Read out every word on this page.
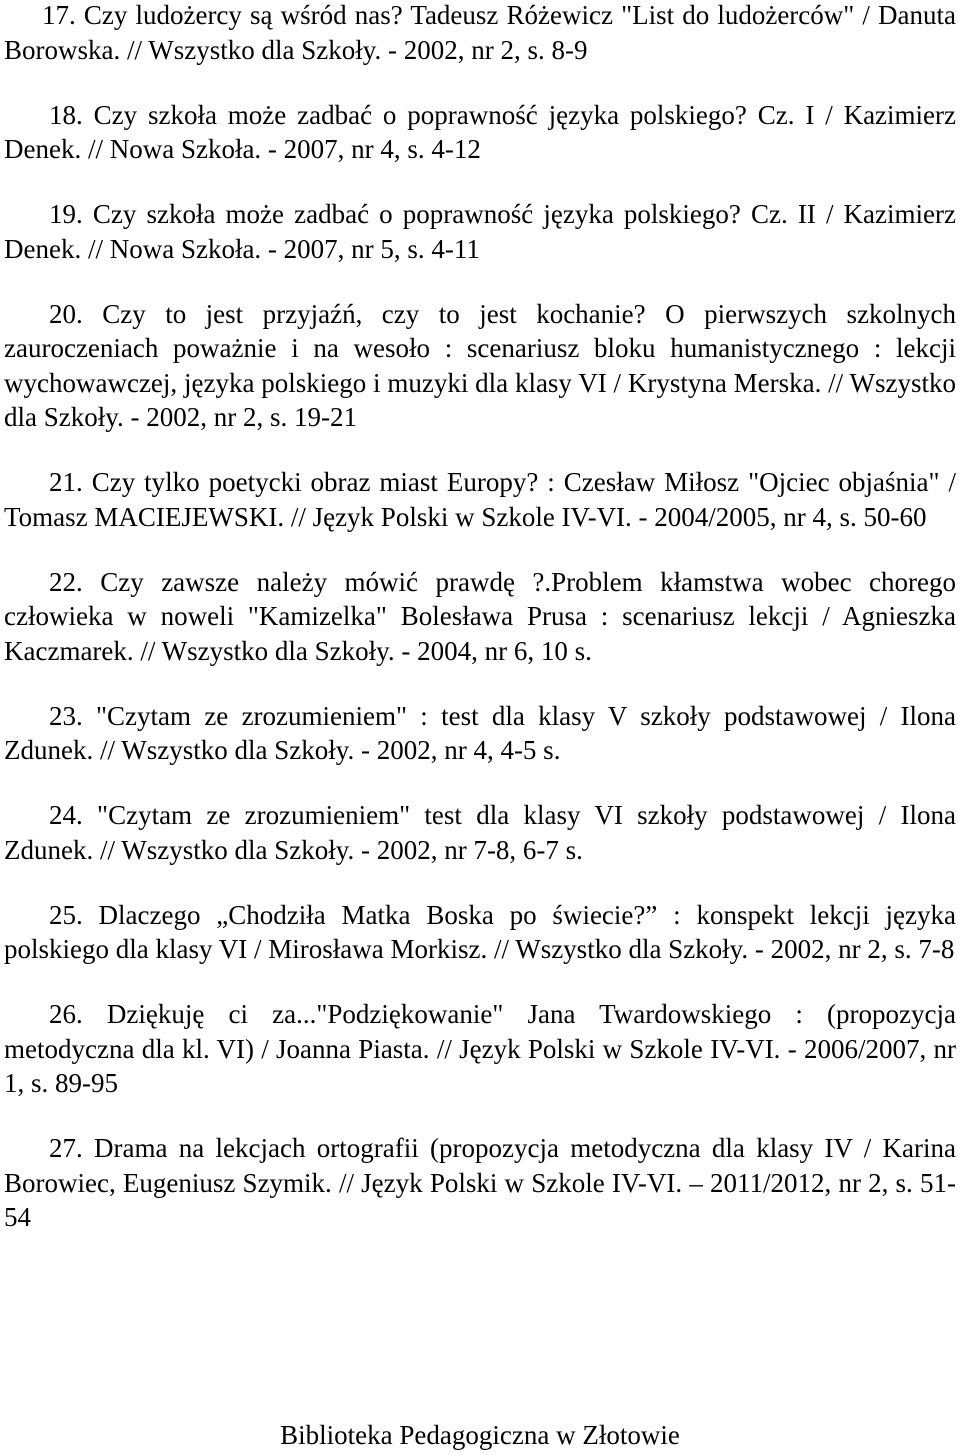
17. Czy ludożercy są wśród nas? Tadeusz Różewicz "List do ludożerców" / Danuta Borowska. // Wszystko dla Szkoły. - 2002, nr 2, s. 8-9

18. Czy szkoła może zadbać o poprawność języka polskiego? Cz. I / Kazimierz Denek. // Nowa Szkoła. - 2007, nr 4, s. 4-12

19. Czy szkoła może zadbać o poprawność języka polskiego? Cz. II / Kazimierz Denek. // Nowa Szkoła. - 2007, nr 5, s. 4-11

20. Czy to jest przyjaźń, czy to jest kochanie? O pierwszych szkolnych zauroczeniach poważnie i na wesoło : scenariusz bloku humanistycznego : lekcji wychowawczej, języka polskiego i muzyki dla klasy VI / Krystyna Merska. // Wszystko dla Szkoły. - 2002, nr 2, s. 19-21

21. Czy tylko poetycki obraz miast Europy? : Czesław Miłosz "Ojciec objaśnia" / Tomasz MACIEJEWSKI. // Język Polski w Szkole IV-VI. - 2004/2005, nr 4, s. 50-60

22. Czy zawsze należy mówić prawdę ?.Problem kłamstwa wobec chorego człowieka w noweli "Kamizelka" Bolesława Prusa : scenariusz lekcji / Agnieszka Kaczmarek. // Wszystko dla Szkoły. - 2004, nr 6, 10 s.

23. "Czytam ze zrozumieniem" : test dla klasy V szkoły podstawowej / Ilona Zdunek. // Wszystko dla Szkoły. - 2002, nr 4, 4-5 s.

24. "Czytam ze zrozumieniem" test dla klasy VI szkoły podstawowej / Ilona Zdunek. // Wszystko dla Szkoły. - 2002, nr 7-8, 6-7 s.

25. Dlaczego „Chodziła Matka Boska po świecie?” : konspekt lekcji języka polskiego dla klasy VI / Mirosława Morkisz. // Wszystko dla Szkoły. - 2002, nr 2, s. 7-8

26. Dziękuję ci za..."Podziękowanie" Jana Twardowskiego : (propozycja metodyczna dla kl. VI) / Joanna Piasta. // Język Polski w Szkole IV-VI. - 2006/2007, nr 1, s. 89-95

27. Drama na lekcjach ortografii (propozycja metodyczna dla klasy IV / Karina Borowiec, Eugeniusz Szymik. // Język Polski w Szkole IV-VI. – 2011/2012, nr 2, s. 51-54

Biblioteka Pedagogiczna w Złotowie
